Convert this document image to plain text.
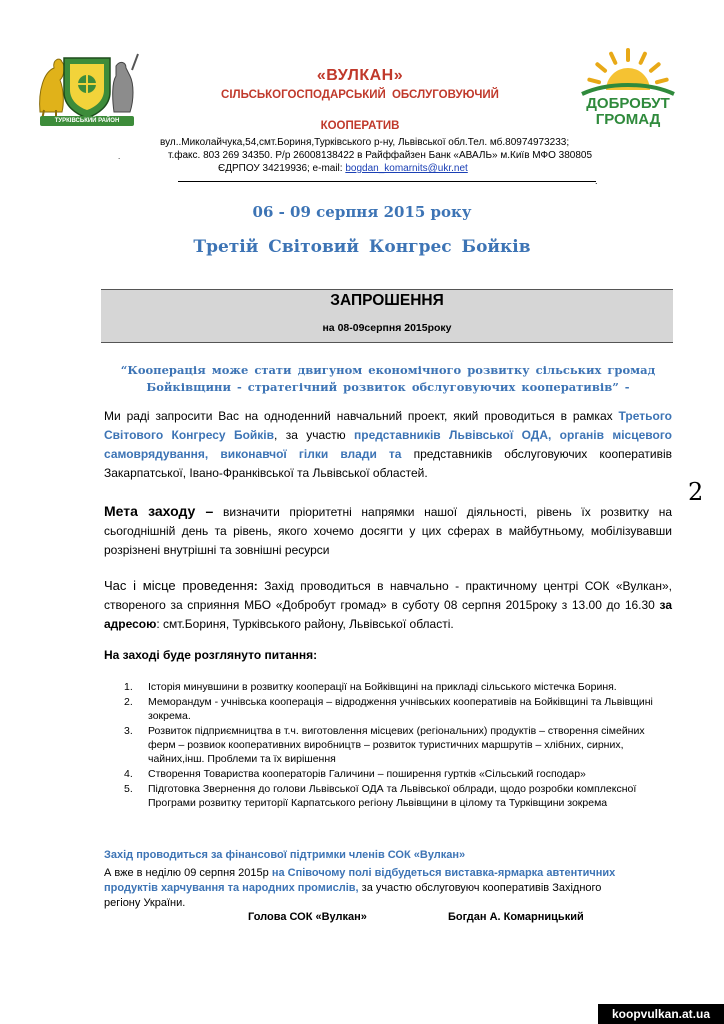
ТУРКІВСЬКИЙ РАЙОН
ДОБРОБУТ
ГРОМАД
«ВУЛКАН»
СІЛЬСЬКОГОСПОДАРСЬКИЙ ОБСЛУГОВУЮЧИЙ
КООПЕРАТИВ
вул..Миколайчука,54,смт.Бориня,Турківського р-ну, Львівської обл.Тел. мб.80974973233;
.	т.факс. 803 269 34350. Р/р 26008138422 в Райффайзен Банк «АВАЛЬ» м.Київ МФО 380805
ЄДРПОУ 34219936; e-mail: bogdan_komarnits@ukr.net
.
06 - 09 серпня 2015 року
Третій Світовий Конгрес Бойків
ЗАПРОШЕННЯ
на 08-09серпня 2015року
“Кооперація може стати двигуном економічного розвитку сільських громад
Бойківщини - стратегічний розвиток обслуговуючих кооперативів” -
Ми раді запросити Вас на одноденний навчальний проект, який проводиться в рамках Третього Світового Конгресу Бойків, за участю представників Львівської ОДА, органів місцевого самоврядування, виконавчої гілки влади та представників обслуговуючих кооперативів Закарпатської, Івано-Франківської та Львівської областей.
Мета заходу – визначити пріоритетні напрямки нашої діяльності, рівень їх розвитку на сьогоднішній день та рівень, якого хочемо досягти у цих сферах в майбутньому, мобілізувавши розрізнені внутрішні та зовнішні ресурси
2
Час і місце проведення: Захід проводиться в навчально - практичному центрі СОК «Вулкан», створеного за сприяння МБО «Добробут громад» в суботу 08 серпня 2015року з 13.00 до 16.30 за адресою: смт.Бориня, Турківського району, Львівської області.
На заході буде розглянуто питання:
1. Історія минувшини в розвитку кооперації на Бойківщині на прикладі сільського містечка Бориня.
2. Меморандум - учнівська кооперація – відродження учнівських кооперативів на Бойківщині та Львівщині зокрема.
3. Розвиток підприємництва в т.ч. виготовлення місцевих (регіональних) продуктів – створення сімейних ферм – розвиок кооперативних виробництв – розвиток туристичних маршрутів – хлібних, сирних, чайних,інш. Проблеми та їх вирішення
4. Створення Товариства кооператорів Галичини – поширення гуртків «Сільський господар»
5. Підготовка Звернення до голови Львівської ОДА та Львівської облради, щодо розробки комплексної Програми розвитку території Карпатського регіону Львівщини в цілому та Турківщини зокрема
Захід проводиться за фінансової підтримки членів СОК «Вулкан»
А вже в неділю 09 серпня 2015р на Співочому полі відбудеться виставка-ярмарка автентичних продуктів харчування та народних промислів, за участю обслуговуюч кооперативів Західного регіону України.
Голова СОК «Вулкан»	Богдан А. Комарницький
koopvulkan.at.ua
